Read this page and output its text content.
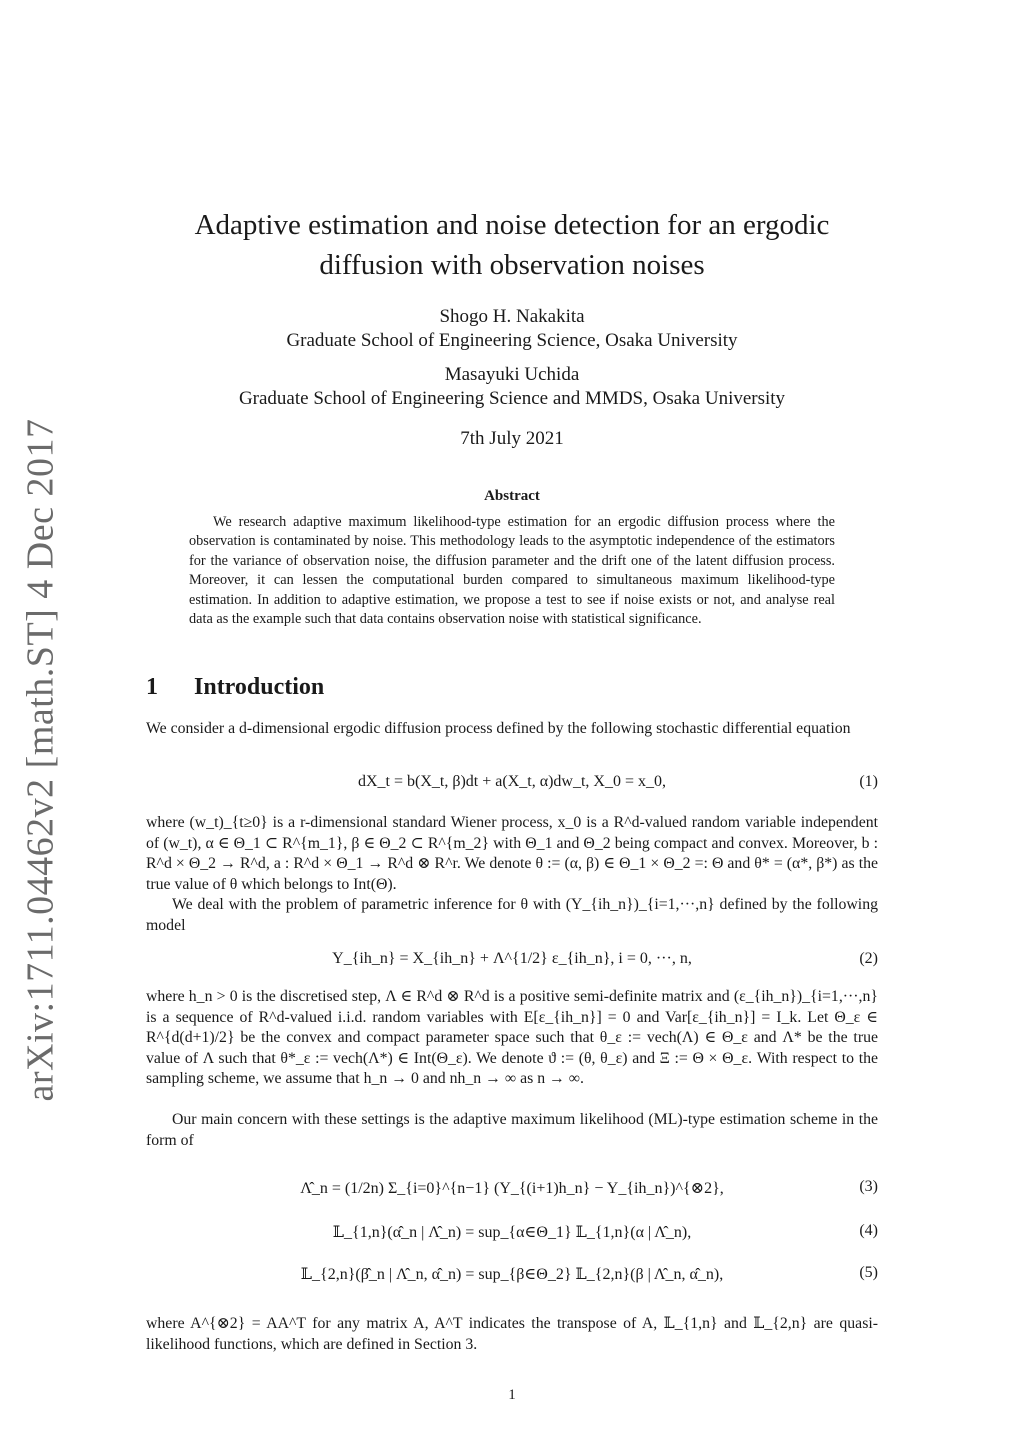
arXiv:1711.04462v2 [math.ST] 4 Dec 2017
Adaptive estimation and noise detection for an ergodic
diffusion with observation noises
Shogo H. Nakakita
Graduate School of Engineering Science, Osaka University
Masayuki Uchida
Graduate School of Engineering Science and MMDS, Osaka University
7th July 2021
Abstract
We research adaptive maximum likelihood-type estimation for an ergodic diffusion process where the observation is contaminated by noise. This methodology leads to the asymptotic independence of the estimators for the variance of observation noise, the diffusion parameter and the drift one of the latent diffusion process. Moreover, it can lessen the computational burden compared to simultaneous maximum likelihood-type estimation. In addition to adaptive estimation, we propose a test to see if noise exists or not, and analyse real data as the example such that data contains observation noise with statistical significance.
1 Introduction
We consider a d-dimensional ergodic diffusion process defined by the following stochastic differential equation
dX_t = b(X_t, β)dt + a(X_t, α)dw_t, X_0 = x_0,	(1)
where (w_t)_{t≥0} is a r-dimensional standard Wiener process, x_0 is a R^d-valued random variable independent of (w_t), α ∈ Θ_1 ⊂ R^{m_1}, β ∈ Θ_2 ⊂ R^{m_2} with Θ_1 and Θ_2 being compact and convex. Moreover, b : R^d × Θ_2 → R^d, a : R^d × Θ_1 → R^d ⊗ R^r. We denote θ := (α, β) ∈ Θ_1 × Θ_2 =: Θ and θ* = (α*, β*) as the true value of θ which belongs to Int(Θ).
We deal with the problem of parametric inference for θ with (Y_{ih_n})_{i=1,···,n} defined by the following model
Y_{ih_n} = X_{ih_n} + Λ^{1/2} ε_{ih_n}, i = 0, ···, n,	(2)
where h_n > 0 is the discretised step, Λ ∈ R^d ⊗ R^d is a positive semi-definite matrix and (ε_{ih_n})_{i=1,···,n} is a sequence of R^d-valued i.i.d. random variables with E[ε_{ih_n}] = 0 and Var[ε_{ih_n}] = I_k. Let Θ_ε ∈ R^{d(d+1)/2} be the convex and compact parameter space such that θ_ε := vech(Λ) ∈ Θ_ε and Λ* be the true value of Λ such that θ*_ε := vech(Λ*) ∈ Int(Θ_ε). We denote ϑ := (θ, θ_ε) and Ξ := Θ × Θ_ε. With respect to the sampling scheme, we assume that h_n → 0 and nh_n → ∞ as n → ∞.
Our main concern with these settings is the adaptive maximum likelihood (ML)-type estimation scheme in the form of
Λ̂_n = (1/2n) Σ_{i=0}^{n−1} (Y_{(i+1)h_n} − Y_{ih_n})^{⊗2},	(3)
𝕃_{1,n}(α̂_n | Λ̂_n) = sup_{α∈Θ_1} 𝕃_{1,n}(α | Λ̂_n),	(4)
𝕃_{2,n}(β̂_n | Λ̂_n, α̂_n) = sup_{β∈Θ_2} 𝕃_{2,n}(β | Λ̂_n, α̂_n),	(5)
where A^{⊗2} = AA^T for any matrix A, A^T indicates the transpose of A, 𝕃_{1,n} and 𝕃_{2,n} are quasi-likelihood functions, which are defined in Section 3.
1
